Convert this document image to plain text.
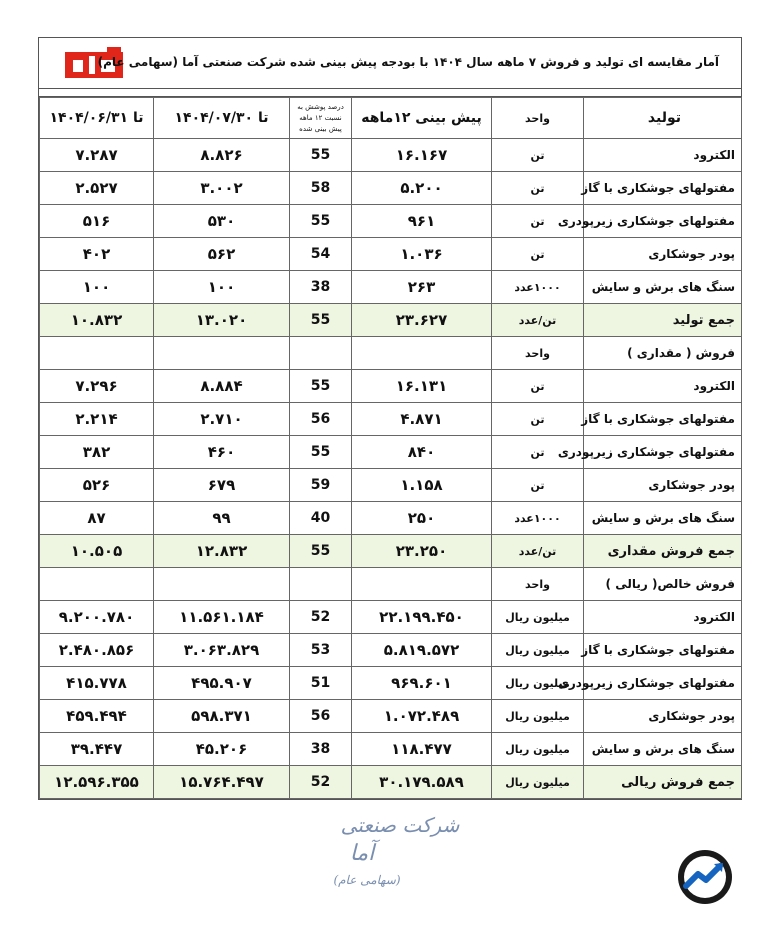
آمار مقایسه ای تولید و فروش ۷ ماهه سال ۱۴۰۴ با بودجه پیش بینی شده شرکت صنعتی آما (سهامی عام)
تولید	واحد	پیش بینی ۱۲ماهه	درصد پوشش به نسبت ۱۲ ماهه پیش بینی شده	تا ۱۴۰۴/۰۷/۳۰	تا ۱۴۰۴/۰۶/۳۱
الکترود	تن	۱۶.۱۶۷	55	۸.۸۲۶	۷.۲۸۷
مفتولهای جوشکاری با گاز	تن	۵.۲۰۰	58	۳.۰۰۲	۲.۵۲۷
مفتولهای جوشکاری زیرپودری	تن	۹۶۱	55	۵۳۰	۵۱۶
پودر جوشکاری	تن	۱.۰۳۶	54	۵۶۲	۴۰۲
سنگ های برش و سایش	۱۰۰۰عدد	۲۶۳	38	۱۰۰	۱۰۰
جمع تولید	تن/عدد	۲۳.۶۲۷	55	۱۳.۰۲۰	۱۰.۸۳۲
فروش ( مقداری )	واحد				
الکترود	تن	۱۶.۱۳۱	55	۸.۸۸۴	۷.۲۹۶
مفتولهای جوشکاری با گاز	تن	۴.۸۷۱	56	۲.۷۱۰	۲.۲۱۴
مفتولهای جوشکاری زیرپودری	تن	۸۴۰	55	۴۶۰	۳۸۲
پودر جوشکاری	تن	۱.۱۵۸	59	۶۷۹	۵۲۶
سنگ های برش و سایش	۱۰۰۰عدد	۲۵۰	40	۹۹	۸۷
جمع فروش مقداری	تن/عدد	۲۳.۲۵۰	55	۱۲.۸۳۲	۱۰.۵۰۵
فروش خالص( ریالی )	واحد				
الکترود	میلیون ریال	۲۲.۱۹۹.۴۵۰	52	۱۱.۵۶۱.۱۸۴	۹.۲۰۰.۷۸۰
مفتولهای جوشکاری با گاز	میلیون ریال	۵.۸۱۹.۵۷۲	53	۳.۰۶۳.۸۲۹	۲.۴۸۰.۸۵۶
مفتولهای جوشکاری زیرپودری	میلیون ریال	۹۶۹.۶۰۱	51	۴۹۵.۹۰۷	۴۱۵.۷۷۸
پودر جوشکاری	میلیون ریال	۱.۰۷۲.۴۸۹	56	۵۹۸.۳۷۱	۴۵۹.۴۹۴
سنگ های برش و سایش	میلیون ریال	۱۱۸.۴۷۷	38	۴۵.۲۰۶	۳۹.۴۴۷
جمع فروش ریالی	میلیون ریال	۳۰.۱۷۹.۵۸۹	52	۱۵.۷۶۴.۴۹۷	۱۲.۵۹۶.۳۵۵
شرکت صنعتی
آما
(سهامی عام)
